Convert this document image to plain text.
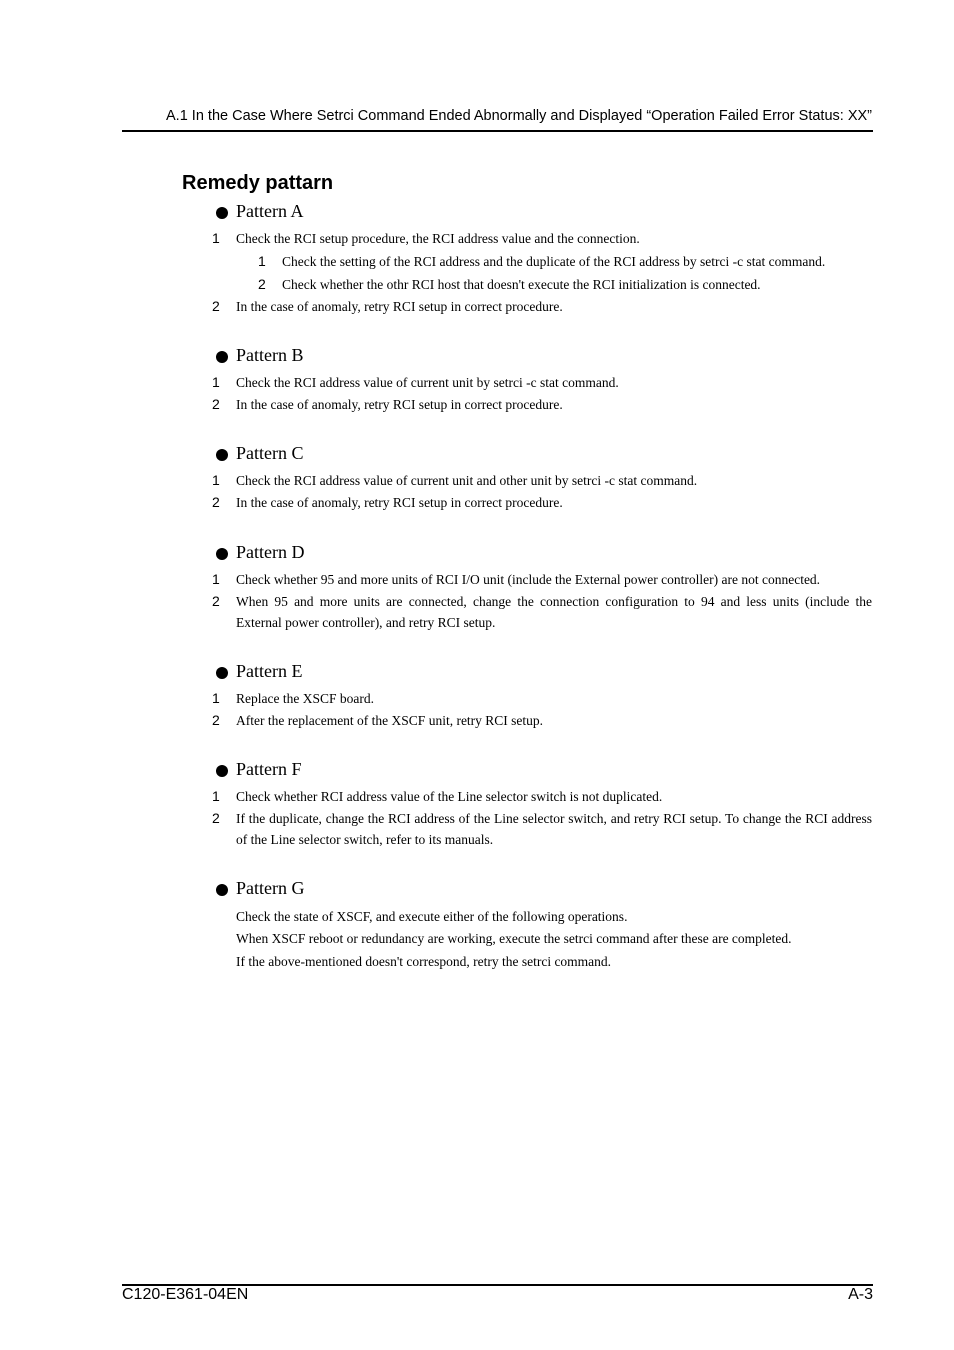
A.1 In the Case Where Setrci Command Ended Abnormally and Displayed “Operation Failed Error Status: XX”
Remedy pattarn
Pattern A
1	Check the RCI setup procedure, the RCI address value and the connection.
1 Check the setting of the RCI address and the duplicate of the RCI address by setrci -c stat command.
2 Check whether the othr RCI host that doesn't execute the RCI initialization is connected.
2	In the case of anomaly, retry RCI setup in correct procedure.
Pattern B
1	Check the RCI address value of current unit by setrci -c stat command.
2	In the case of anomaly, retry RCI setup in correct procedure.
Pattern C
1	Check the RCI address value of current unit and other unit by setrci -c stat command.
2	In the case of anomaly, retry RCI setup in correct procedure.
Pattern D
1	Check whether 95 and more units of RCI I/O unit (include the External power controller) are not connected.
2	When 95 and more units are connected, change the connection configuration to 94 and less units (include the External power controller), and retry RCI setup.
Pattern E
1	Replace the XSCF board.
2	After the replacement of the XSCF unit, retry RCI setup.
Pattern F
1	Check whether RCI address value of the Line selector switch is not duplicated.
2	If the duplicate, change the RCI address of the Line selector switch, and retry RCI setup. To change the RCI address of the Line selector switch, refer to its manuals.
Pattern G
Check the state of XSCF, and execute either of the following operations.
When XSCF reboot or redundancy are working, execute the setrci command after these are completed.
If the above-mentioned doesn't correspond, retry the setrci command.
C120-E361-04EN	A-3
